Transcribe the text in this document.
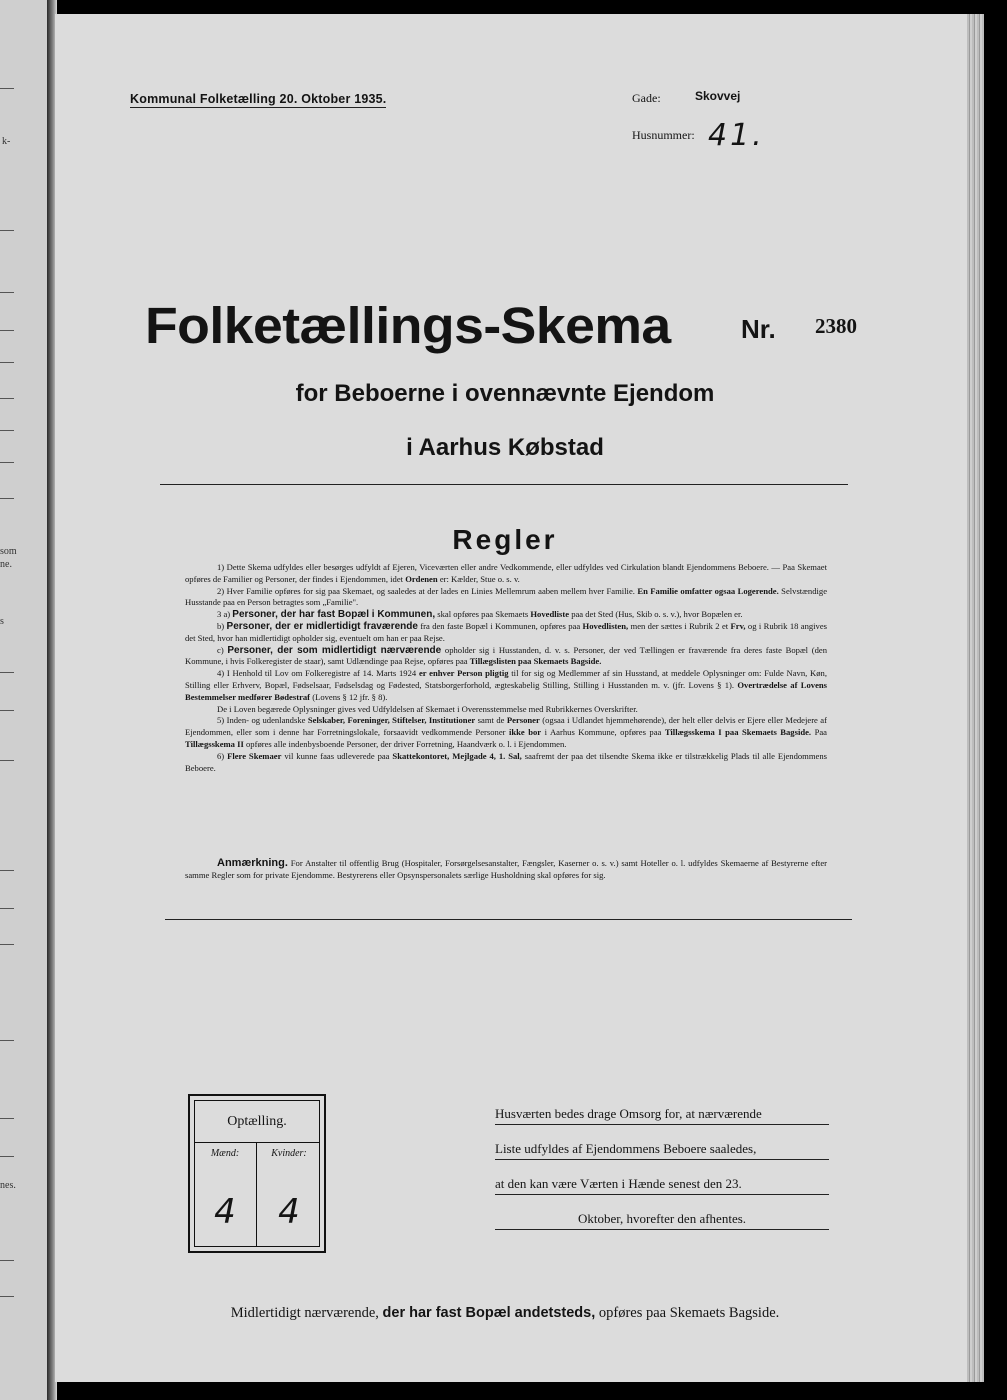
k-
som
ne.
s
nes.
Kommunal Folketælling 20. Oktober 1935.	Gade:	Skovvej
Husnummer: 41.
Folketællings-Skema	Nr. 2380
for Beboerne i ovennævnte Ejendom
i Aarhus Købstad
Regler

1) Dette Skema udfyldes eller besørges udfyldt af Ejeren, Viceværten eller andre Vedkommende, eller udfyldes ved Cirkulation blandt Ejendommens Beboere. — Paa Skemaet opføres de Familier og Personer, der findes i Ejendommen, idet Ordenen er: Kælder, Stue o. s. v.

2) Hver Familie opføres for sig paa Skemaet, og saaledes at der lades en Linies Mellemrum aaben mellem hver Familie. En Familie omfatter ogsaa Logerende. Selvstændige Husstande paa en Person betragtes som „Familie".

3 a) Personer, der har fast Bopæl i Kommunen, skal opføres paa Skemaets Hovedliste paa det Sted (Hus, Skib o. s. v.), hvor Bopælen er.

b) Personer, der er midlertidigt fraværende fra den faste Bopæl i Kommunen, opføres paa Hovedlisten, men der sættes i Rubrik 2 et Frv, og i Rubrik 18 angives det Sted, hvor han midlertidigt opholder sig, eventuelt om han er paa Rejse.

c) Personer, der som midlertidigt nærværende opholder sig i Husstanden, d. v. s. Personer, der ved Tællingen er fraværende fra deres faste Bopæl (den Kommune, i hvis Folkeregister de staar), samt Udlændinge paa Rejse, opføres paa Tillægslisten paa Skemaets Bagside.

4) I Henhold til Lov om Folkeregistre af 14. Marts 1924 er enhver Person pligtig til for sig og Medlemmer af sin Husstand, at meddele Oplysninger om: Fulde Navn, Køn, Stilling eller Erhverv, Bopæl, Fødselsaar, Fødselsdag og Fødested, Statsborgerforhold, ægteskabelig Stilling, Stilling i Husstanden m. v. (jfr. Lovens § 1). Overtrædelse af Lovens Bestemmelser medfører Bødestraf (Lovens § 12 jfr. § 8).

De i Loven begærede Oplysninger gives ved Udfyldelsen af Skemaet i Overensstemmelse med Rubrikkernes Overskrifter.

5) Inden- og udenlandske Selskaber, Foreninger, Stiftelser, Institutioner samt de Personer (ogsaa i Udlandet hjemmehørende), der helt eller delvis er Ejere eller Medejere af Ejendommen, eller som i denne har Forretningslokale, forsaavidt vedkommende Personer ikke bor i Aarhus Kommune, opføres paa Tillægsskema I paa Skemaets Bagside. Paa Tillægsskema II opføres alle indenbysboende Personer, der driver Forretning, Haandværk o. l. i Ejendommen.

6) Flere Skemaer vil kunne faas udleverede paa Skattekontoret, Mejlgade 4, 1. Sal, saafremt der paa det tilsendte Skema ikke er tilstrækkelig Plads til alle Ejendommens Beboere.

Anmærkning. For Anstalter til offentlig Brug (Hospitaler, Forsørgelsesanstalter, Fængsler, Kaserner o. s. v.) samt Hoteller o. l. udfyldes Skemaerne af Bestyrerne efter samme Regler som for private Ejendomme. Bestyrerens eller Opsynspersonalets særlige Husholdning skal opføres for sig.

Optælling.
Mænd:	Kvinder:
4	4
Husværten bedes drage Omsorg for, at nærværende
Liste udfyldes af Ejendommens Beboere saaledes,
at den kan være Værten i Hænde senest den 23.
Oktober, hvorefter den afhentes.
Midlertidigt nærværende, der har fast Bopæl andetsteds, opføres paa Skemaets Bagside.
